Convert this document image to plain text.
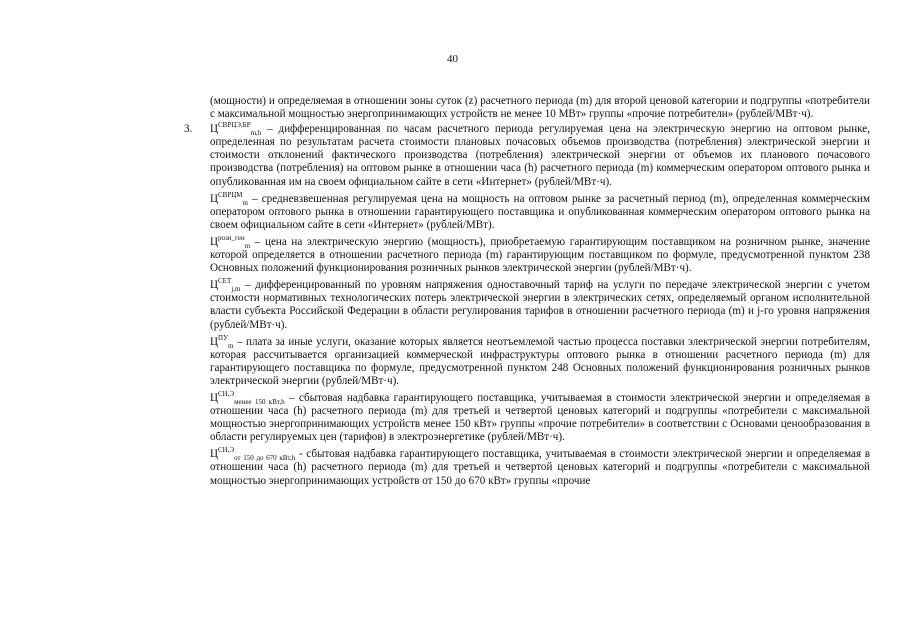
40

(мощности) и определяемая в отношении зоны суток (z) расчетного периода (m) для второй ценовой категории и подгруппы «потребители с максимальной мощностью энергопринимающих устройств не менее 10 МВт» группы «прочие потребители» (рублей/МВт·ч).

3. $Ц^{СВРЦЭ,БР}_{m,h}$ – дифференцированная по часам расчетного периода регулируемая цена на электрическую энергию на оптовом рынке, определенная по результатам расчета стоимости плановых почасовых объемов производства (потребления) электрической энергии и стоимости отклонений фактического производства (потребления) электрической энергии от объемов их планового почасового производства (потребления) на оптовом рынке в отношении часа (h) расчетного периода (m) коммерческим оператором оптового рынка и опубликованная им на своем официальном сайте в сети «Интернет» (рублей/МВт·ч).

$Ц^{СВРЦМ}_m$ – средневзвешенная регулируемая цена на мощность на оптовом рынке за расчетный период (m), определенная коммерческим оператором оптового рынка в отношении гарантирующего поставщика и опубликованная коммерческим оператором оптового рынка на своем официальном сайте в сети «Интернет» (рублей/МВт).

$Ц^{розн\_ген}_m$ – цена на электрическую энергию (мощность), приобретаемую гарантирующим поставщиком на розничном рынке, значение которой определяется в отношении расчетного периода (m) гарантирующим поставщиком по формуле, предусмотренной пунктом 238 Основных положений функционирования розничных рынков электрической энергии (рублей/МВт·ч).

$Ц^{СЕТ}_{j,m}$ – дифференцированный по уровням напряжения одноставочный тариф на услуги по передаче электрической энергии с учетом стоимости нормативных технологических потерь электрической энергии в электрических сетях, определяемый органом исполнительной власти субъекта Российской Федерации в области регулирования тарифов в отношении расчетного периода (m) и j-го уровня напряжения (рублей/МВт·ч).

$Ц^{ПУ}_m$ – плата за иные услуги, оказание которых является неотъемлемой частью процесса поставки электрической энергии потребителям, которая рассчитывается организацией коммерческой инфраструктуры оптового рынка в отношении расчетного периода (m) для гарантирующего поставщика по формуле, предусмотренной пунктом 248 Основных положений функционирования розничных рынков электрической энергии (рублей/МВт·ч).

$Ц^{СН,Э}_{менее 150 кВт,h}$ – сбытовая надбавка гарантирующего поставщика, учитываемая в стоимости электрической энергии и определяемая в отношении часа (h) расчетного периода (m) для третьей и четвертой ценовых категорий и подгруппы «потребители с максимальной мощностью энергопринимающих устройств менее 150 кВт» группы «прочие потребители» в соответствии с Основами ценообразования в области регулируемых цен (тарифов) в электроэнергетике (рублей/МВт·ч).

$Ц^{СН,Э}_{от 150 до 670 кВт,h}$ - сбытовая надбавка гарантирующего поставщика, учитываемая в стоимости электрической энергии и определяемая в отношении часа (h) расчетного периода (m) для третьей и четвертой ценовых категорий и подгруппы «потребители с максимальной мощностью энергопринимающих устройств от 150 до 670 кВт» группы «прочие
